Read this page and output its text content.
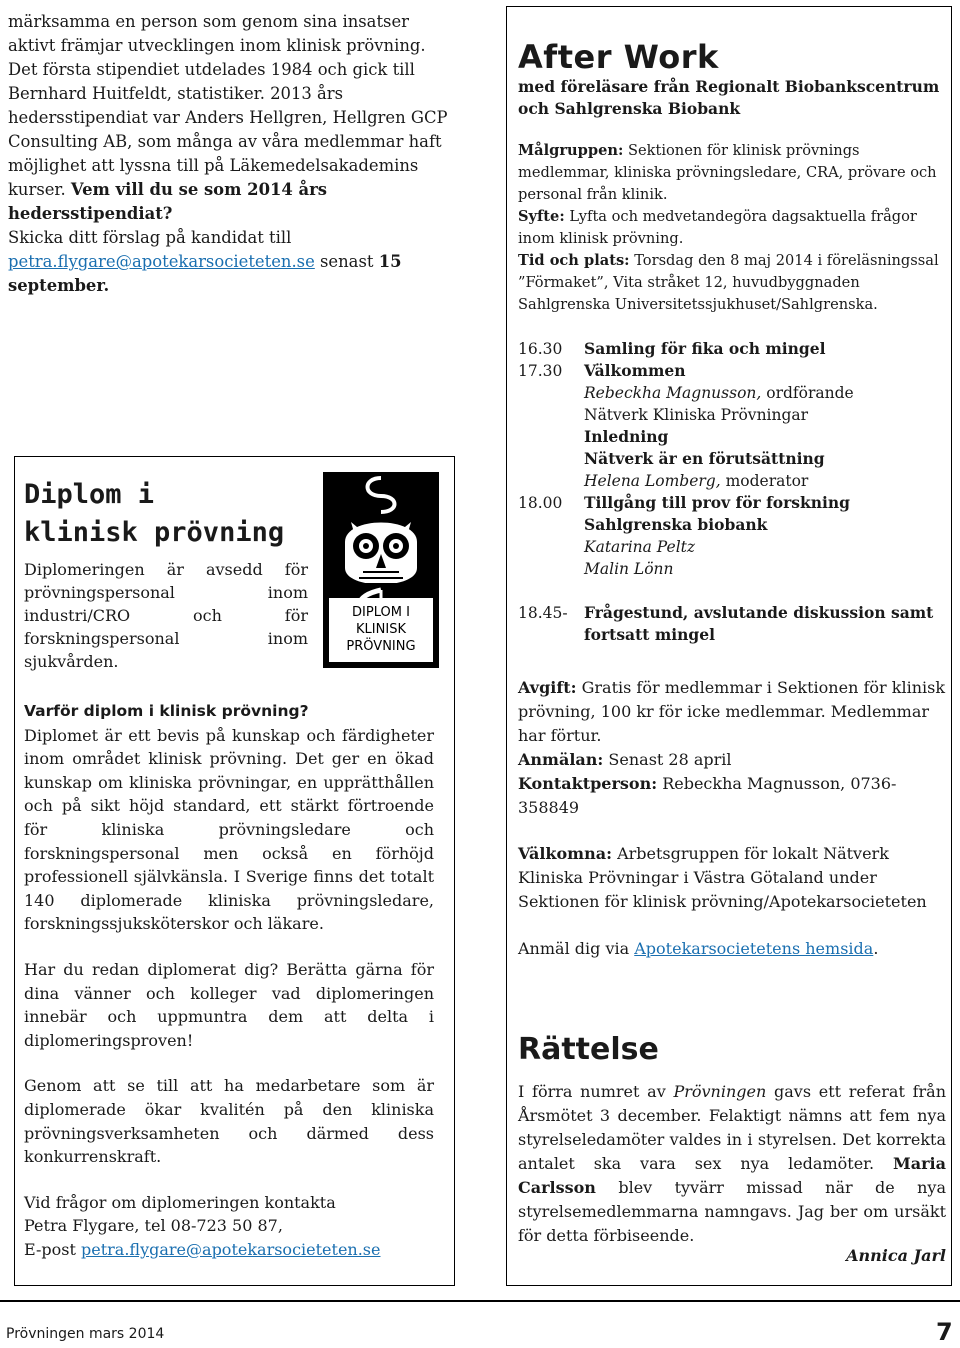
märksamma en person som genom sina insatser aktivt främjar utvecklingen inom klinisk prövning. Det första stipendiet utdelades 1984 och gick till Bernhard Huitfeldt, statistiker. 2013 års hedersstipendiat var Anders Hellgren, Hellgren GCP Consulting AB, som många av våra medlemmar haft möjlighet att lyssna till på Läkemedelsakademins kurser. Vem vill du se som 2014 års hedersstipendiat?

Skicka ditt förslag på kandidat till petra.flygare@apotekarsocieteten.se senast 15 september.
After Work
med föreläsare från Regionalt Biobankscentrum och Sahlgrenska Biobank

Målgruppen: Sektionen för klinisk prövnings medlemmar, kliniska prövningsledare, CRA, prövare och personal från klinik.

Syfte: Lyfta och medvetandegöra dagsaktuella frågor inom klinisk prövning.

Tid och plats: Torsdag den 8 maj 2014 i föreläsningssal ”Förmaket”, Vita stråket 12, huvudbyggnaden Sahlgrenska Universitetssjukhuset/Sahlgrenska.

16.30	Samling för fika och mingel
17.30	Välkommen
Rebeckha Magnusson, ordförande
Nätverk Kliniska Prövningar
Inledning
Nätverk är en förutsättning
Helena Lomberg, moderator
18.00	Tillgång till prov för forskning
Sahlgrenska biobank
Katarina Peltz
Malin Lönn
18.45-	Frågestund, avslutande diskussion samt fortsatt mingel

Avgift: Gratis för medlemmar i Sektionen för klinisk prövning, 100 kr för icke medlemmar. Medlemmar har förtur.

Anmälan: Senast 28 april

Kontaktperson: Rebeckha Magnusson, 0736-358849

Välkomna: Arbetsgruppen för lokalt Nätverk Kliniska Prövningar i Västra Götaland under Sektionen för klinisk prövning/Apotekarsocieteten
Anmäl dig via Apotekarsocietetens hemsida.
Rättelse
I förra numret av Prövningen gavs ett referat från Årsmötet 3 december. Felaktigt nämns att fem nya styrelseledamöter valdes in i styrelsen. Det korrekta antalet ska vara sex nya ledamöter. Maria Carlsson blev tyvärr missad när de nya styrelsemedlemmarna namngavs. Jag ber om ursäkt för detta förbiseende.
Annica Jarl
Diplom i
klinisk prövning
Diplomeringen är avsedd för prövningspersonal inom industri/CRO och för forskningspersonal inom sjukvården.
DIPLOM I
KLINISK
PRÖVNING
Varför diplom i klinisk prövning?

Diplomet är ett bevis på kunskap och färdigheter inom området klinisk prövning. Det ger en ökad kunskap om kliniska prövningar, en upprätthållen och på sikt höjd standard, ett stärkt förtroende för kliniska prövningsledare och forskningspersonal men också en förhöjd professionell självkänsla. I Sverige finns det totalt 140 diplomerade kliniska prövningsledare, forskningssjuksköterskor och läkare.

Har du redan diplomerat dig? Berätta gärna för dina vänner och kolleger vad diplomeringen innebär och uppmuntra dem att delta i diplomeringsproven!

Genom att se till att ha medarbetare som är diplomerade ökar kvalitén på den kliniska prövningsverksamheten och därmed dess konkurrenskraft.

Vid frågor om diplomeringen kontakta
Petra Flygare, tel 08-723 50 87,
E-post petra.flygare@apotekarsocieteten.se

Prövningen mars 2014	7
